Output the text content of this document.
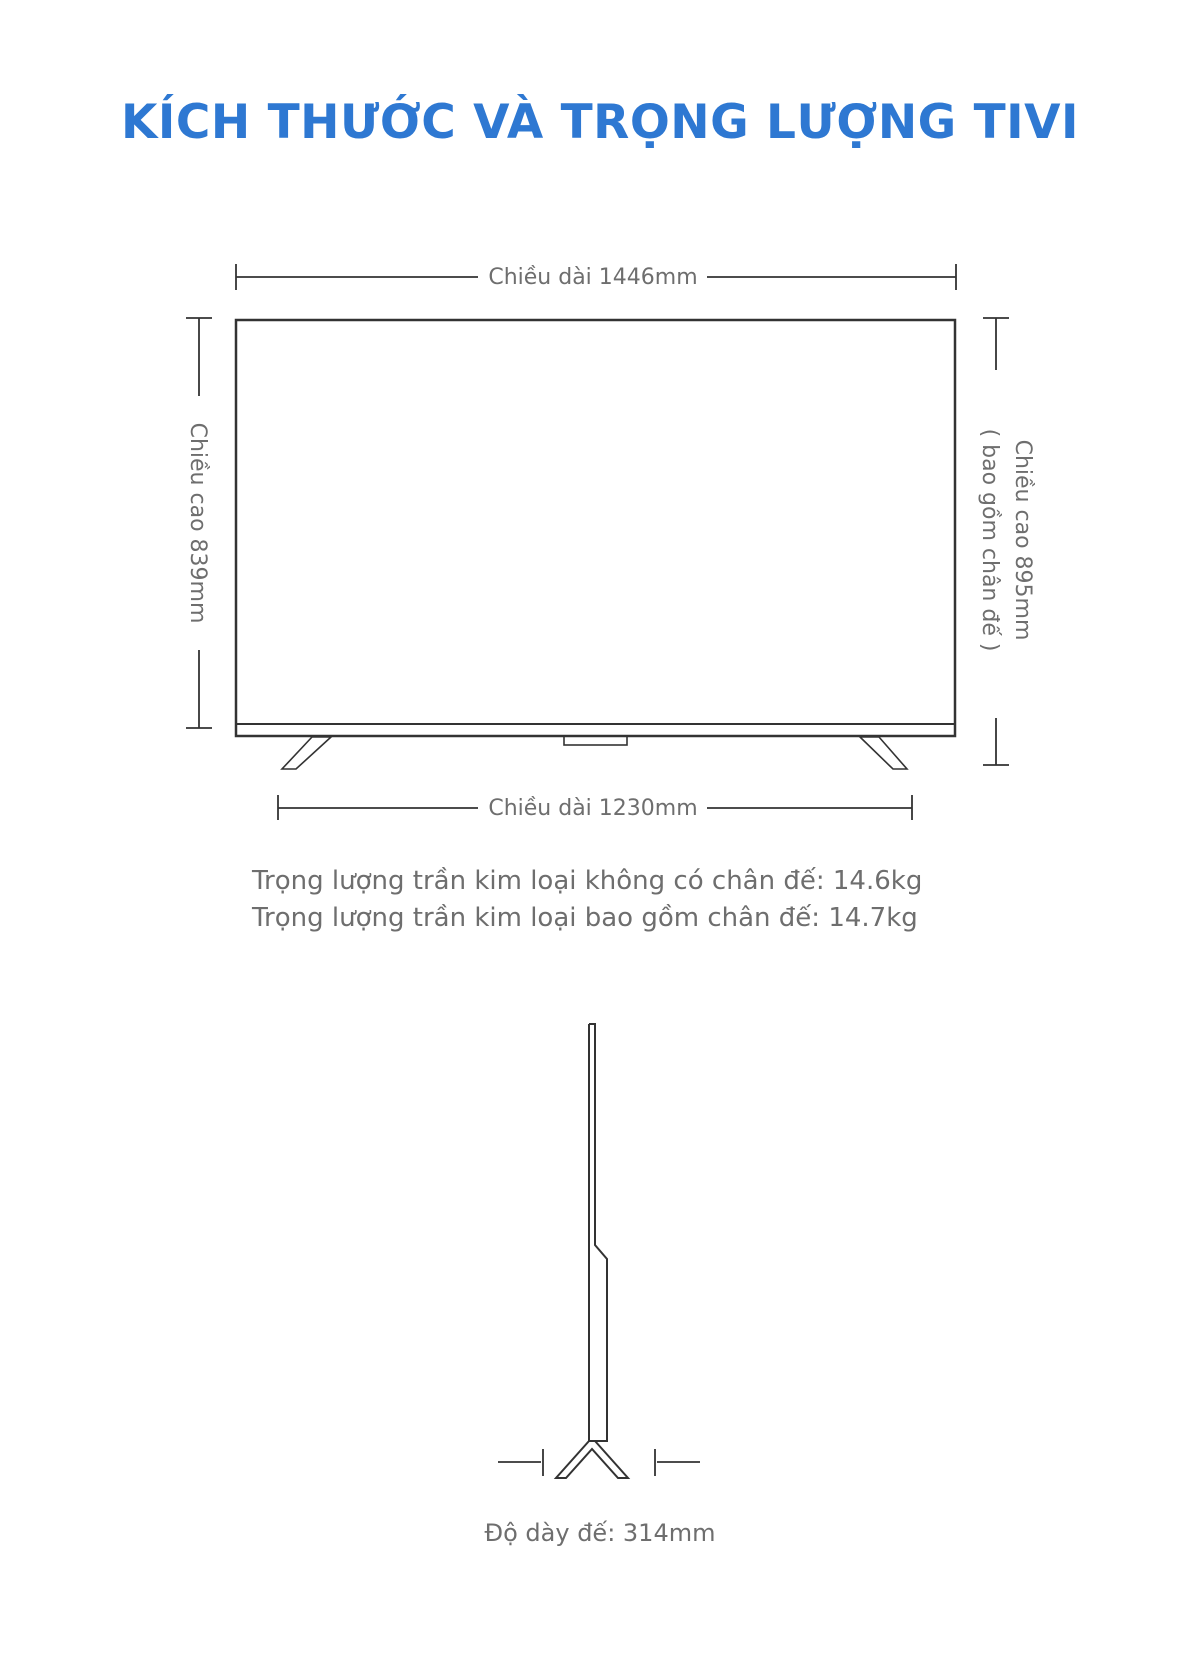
KÍCH THƯỚC VÀ TRỌNG LƯỢNG TIVI
Chiều dài 1446mm
Chiều dài 1230mm
Chiều cao 839mm	Chiều cao 895mm
( bao gồm chân đế )
Độ dày đế: 314mm
Trọng lượng trần kim loại không có chân đế: 14.6kg
Trọng lượng trần kim loại bao gồm chân đế: 14.7kg
